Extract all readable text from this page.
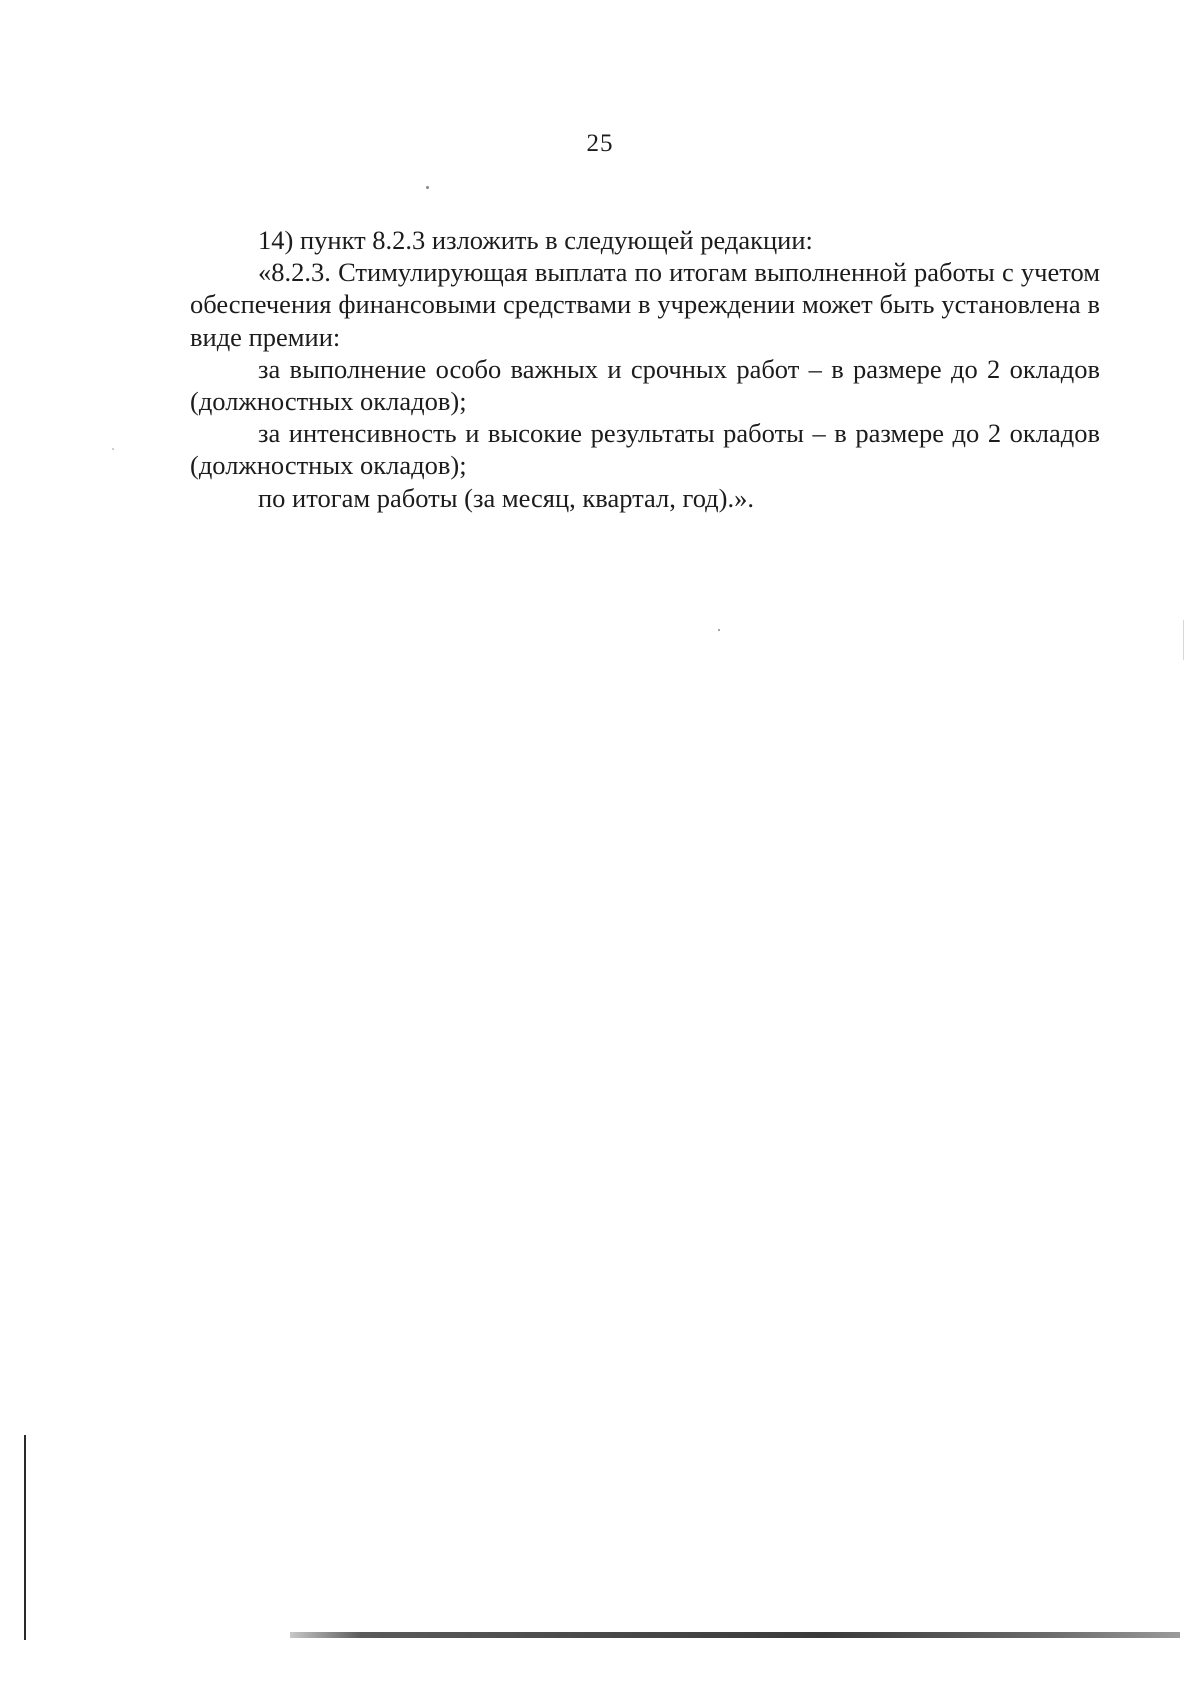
25

14) пункт 8.2.3 изложить в следующей редакции:

«8.2.3. Стимулирующая выплата по итогам выполненной работы с учетом обеспечения финансовыми средствами в учреждении может быть установлена в виде премии:

за выполнение особо важных и срочных работ – в размере до 2 окладов (должностных окладов);

за интенсивность и высокие результаты работы – в размере до 2 окладов (должностных окладов);

по итогам работы (за месяц, квартал, год).».
